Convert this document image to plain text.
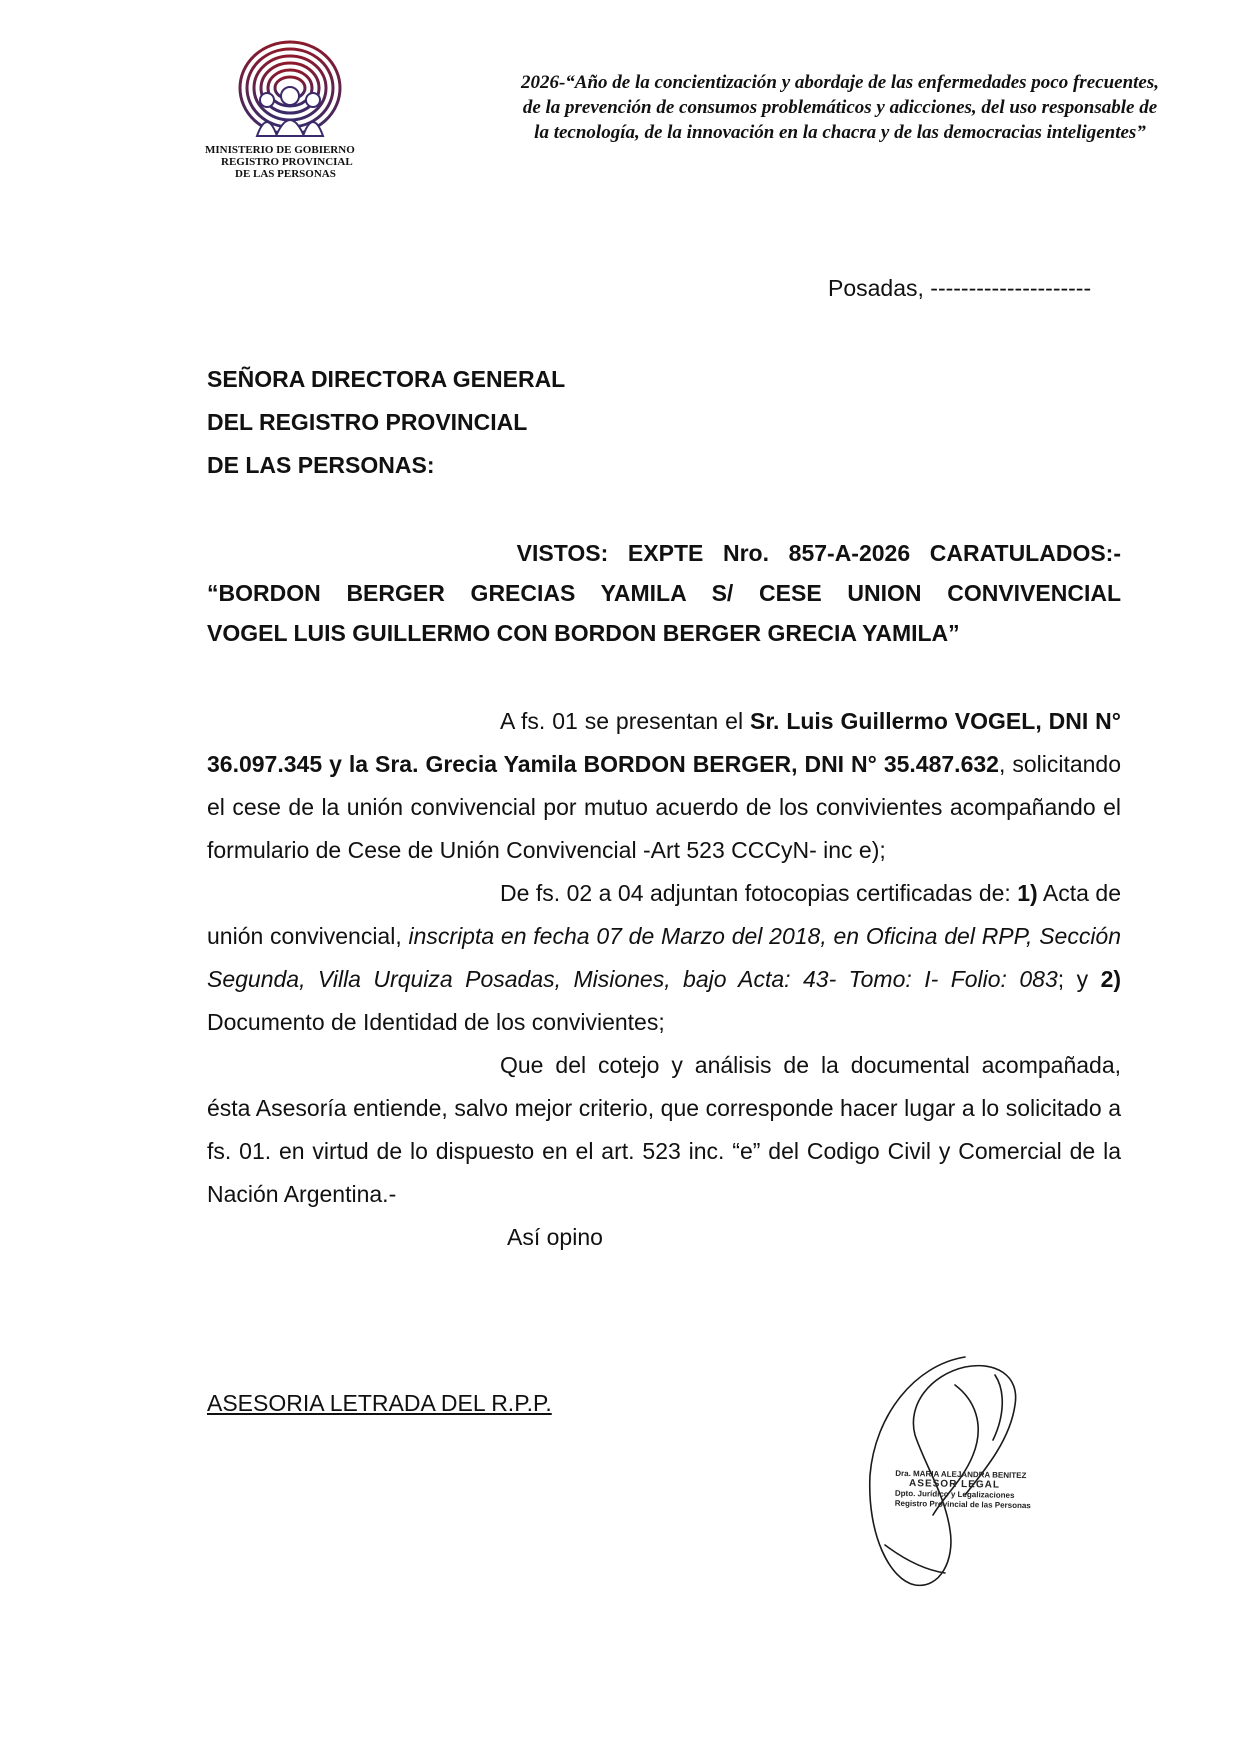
MINISTERIO DE GOBIERNO
REGISTRO PROVINCIAL
DE LAS PERSONAS
2026-“Año de la concientización y abordaje de las enfermedades poco frecuentes,
de la prevención de consumos problemáticos y adicciones, del uso responsable de
la tecnología, de la innovación en la chacra y de las democracias inteligentes”
Posadas, ---------------------
SEÑORA DIRECTORA GENERAL
DEL REGISTRO PROVINCIAL
DE LAS PERSONAS:
VISTOS: EXPTE Nro. 857-A-2026 CARATULADOS:-
“BORDON BERGER GRECIAS YAMILA S/ CESE UNION CONVIVENCIAL
VOGEL LUIS GUILLERMO CON BORDON BERGER GRECIA YAMILA”

A fs. 01 se presentan el Sr. Luis Guillermo VOGEL, DNI N° 36.097.345 y la Sra. Grecia Yamila BORDON BERGER, DNI N° 35.487.632, solicitando el cese de la unión convivencial por mutuo acuerdo de los convivientes acompañando el formulario de Cese de Unión Convivencial -Art 523 CCCyN- inc e);

De fs. 02 a 04 adjuntan fotocopias certificadas de: 1) Acta de unión convivencial, inscripta en fecha 07 de Marzo del 2018, en Oficina del RPP, Sección Segunda, Villa Urquiza Posadas, Misiones, bajo Acta: 43- Tomo: I- Folio: 083; y 2) Documento de Identidad de los convivientes;

Que del cotejo y análisis de la documental acompañada, ésta Asesoría entiende, salvo mejor criterio, que corresponde hacer lugar a lo solicitado a fs. 01. en virtud de lo dispuesto en el art. 523 inc. “e” del Codigo Civil y Comercial de la Nación Argentina.-

Así opino

ASESORIA LETRADA DEL R.P.P.
Dra. MARIA ALEJANDRA BENITEZ
ASESOR LEGAL
Dpto. Jurídico y Legalizaciones
Registro Provincial de las Personas
